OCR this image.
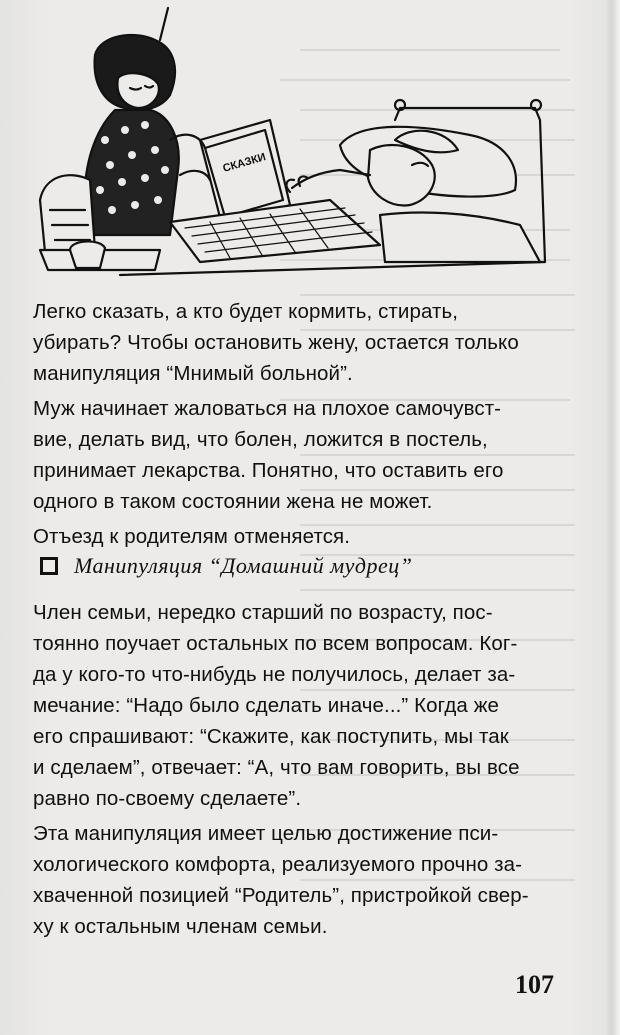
СКАЗКИ

Легко сказать, а кто будет кормить, стирать,
убирать? Чтобы остановить жену, остается только
манипуляция “Мнимый больной”.

Муж начинает жаловаться на плохое самочувст-
вие, делать вид, что болен, ложится в постель,
принимает лекарства. Понятно, что оставить его
одного в таком состоянии жена не может.

Отъезд к родителям отменяется.

Манипуляция “Домашний мудрец”

Член семьи, нередко старший по возрасту, пос-
тоянно поучает остальных по всем вопросам. Ког-
да у кого-то что-нибудь не получилось, делает за-
мечание: “Надо было сделать иначе...” Когда же
его спрашивают: “Скажите, как поступить, мы так
и сделаем”, отвечает: “А, что вам говорить, вы все
равно по-своему сделаете”.

Эта манипуляция имеет целью достижение пси-
хологического комфорта, реализуемого прочно за-
хваченной позицией “Родитель”, пристройкой свер-
ху к остальным членам семьи.

107
